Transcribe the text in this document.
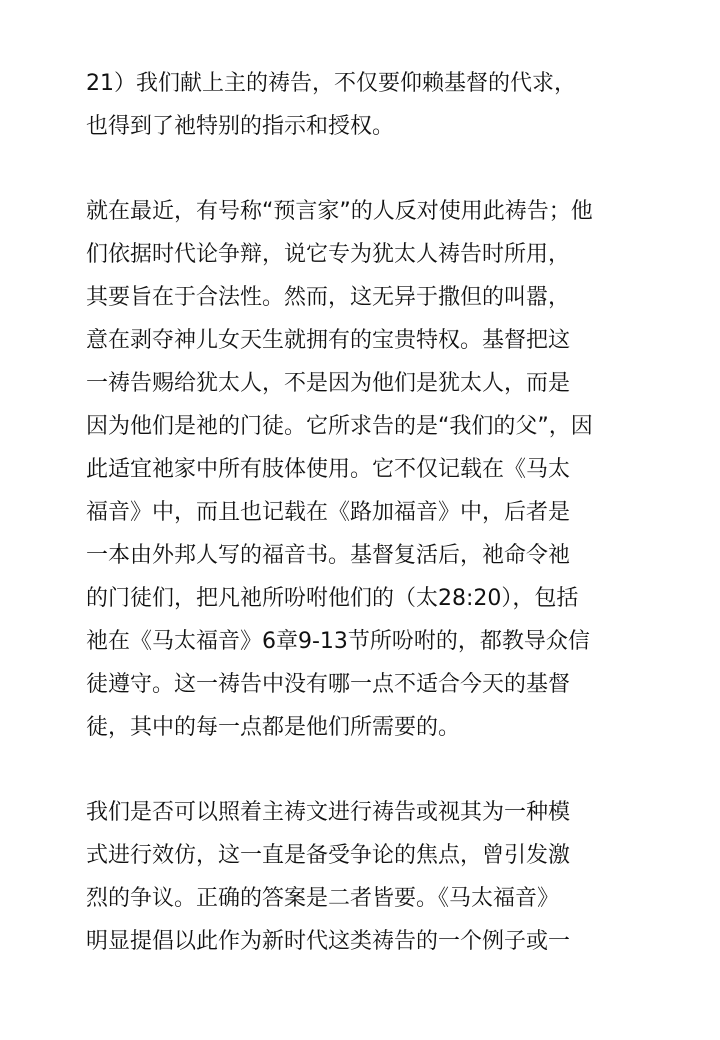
21）我们献上主的祷告，不仅要仰赖基督的代求，
也得到了祂特别的指示和授权。
就在最近，有号称“预言家”的人反对使用此祷告；他
们依据时代论争辩，说它专为犹太人祷告时所用，
其要旨在于合法性。然而，这无异于撒但的叫嚣，
意在剥夺神儿女天生就拥有的宝贵特权。基督把这
一祷告赐给犹太人，不是因为他们是犹太人，而是
因为他们是祂的门徒。它所求告的是“我们的父”，因
此适宜祂家中所有肢体使用。它不仅记载在《马太
福音》中，而且也记载在《路加福音》中，后者是
一本由外邦人写的福音书。基督复活后，祂命令祂
的门徒们，把凡祂所吩咐他们的（太28:20），包括
祂在《马太福音》6章9-13节所吩咐的，都教导众信
徒遵守。这一祷告中没有哪一点不适合今天的基督
徒，其中的每一点都是他们所需要的。
我们是否可以照着主祷文进行祷告或视其为一种模
式进行效仿，这一直是备受争论的焦点，曾引发激
烈的争议。正确的答案是二者皆要。《马太福音》
明显提倡以此作为新时代这类祷告的一个例子或一
